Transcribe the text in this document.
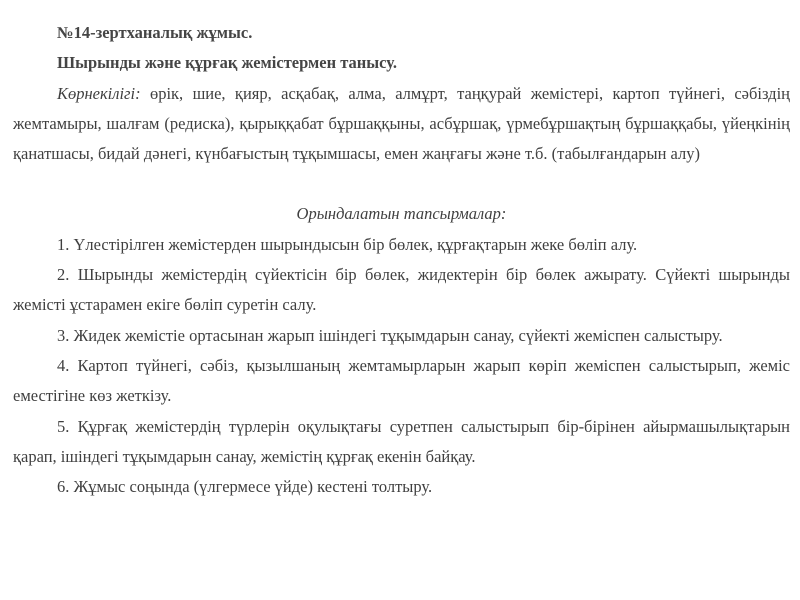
№14-зертханалық жұмыс.

Шырынды және құрғақ жемістермен танысу.

Көрнекілігі: өрік, шие, қияр, асқабақ, алма, алмұрт, таңқурай жемістері, картоп түйнегі, сәбіздің жемтамыры, шалғам (редиска), қырыққабат бұршаққыны, асбұршақ, үрмебұршақтың бұршаққабы, үйеңкінің қанатшасы, бидай дәнегі, күнбағыстың тұқымшасы, емен жаңғағы және т.б. (табылғандарын алу)

Орындалатын тапсырмалар:

1. Үлестірілген жемістерден шырындысын бір бөлек, құрғақтарын жеке бөліп алу.

2. Шырынды жемістердің сүйектісін бір бөлек, жидектерін бір бөлек ажырату. Сүйекті шырынды жемісті ұстарамен екіге бөліп суретін салу.

3. Жидек жемістіе ортасынан жарып ішіндегі тұқымдарын санау, сүйекті жеміспен салыстыру.

4. Картоп түйнегі, сәбіз, қызылшаның жемтамырларын жарып көріп жеміспен салыстырып, жеміс еместігіне көз жеткізу.

5. Құрғақ жемістердің түрлерін оқулықтағы суретпен салыстырып бір-бірінен айырмашылықтарын қарап, ішіндегі тұқымдарын санау, жемістің құрғақ екенін байқау.

6. Жұмыс соңында (үлгермесе үйде) кестені толтыру.
